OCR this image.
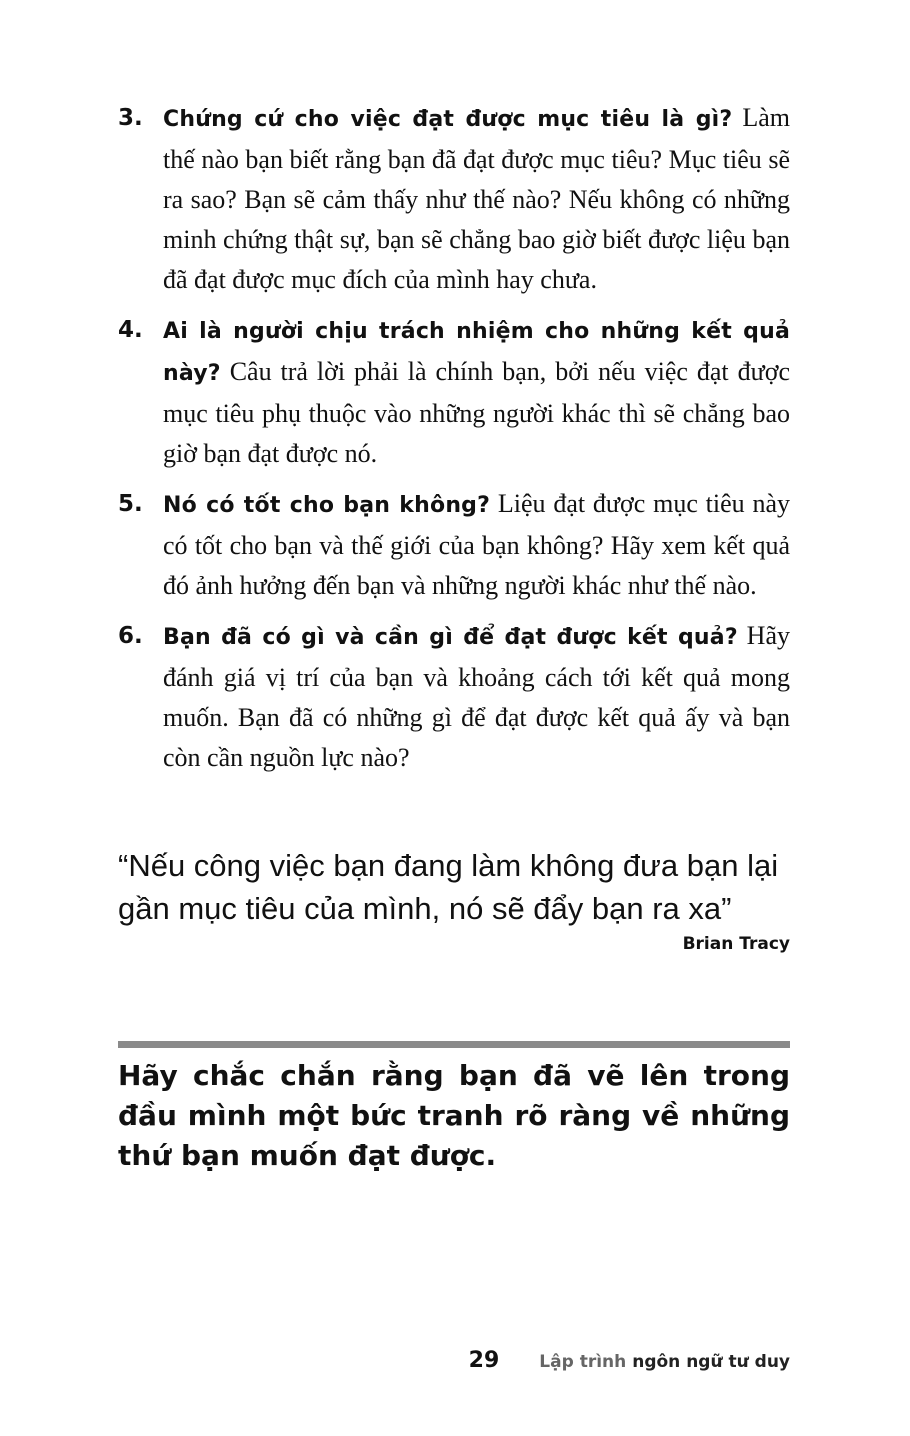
3. Chứng cứ cho việc đạt được mục tiêu là gì? Làm thế nào bạn biết rằng bạn đã đạt được mục tiêu? Mục tiêu sẽ ra sao? Bạn sẽ cảm thấy như thế nào? Nếu không có những minh chứng thật sự, bạn sẽ chẳng bao giờ biết được liệu bạn đã đạt được mục đích của mình hay chưa.
4. Ai là người chịu trách nhiệm cho những kết quả này? Câu trả lời phải là chính bạn, bởi nếu việc đạt được mục tiêu phụ thuộc vào những người khác thì sẽ chẳng bao giờ bạn đạt được nó.
5. Nó có tốt cho bạn không? Liệu đạt được mục tiêu này có tốt cho bạn và thế giới của bạn không? Hãy xem kết quả đó ảnh hưởng đến bạn và những người khác như thế nào.
6. Bạn đã có gì và cần gì để đạt được kết quả? Hãy đánh giá vị trí của bạn và khoảng cách tới kết quả mong muốn. Bạn đã có những gì để đạt được kết quả ấy và bạn còn cần nguồn lực nào?
“Nếu công việc bạn đang làm không đưa bạn lại gần mục tiêu của mình, nó sẽ đẩy bạn ra xa”
Brian Tracy
Hãy chắc chắn rằng bạn đã vẽ lên trong đầu mình một bức tranh rõ ràng về những thứ bạn muốn đạt được.
29 Lập trình ngôn ngữ tư duy
